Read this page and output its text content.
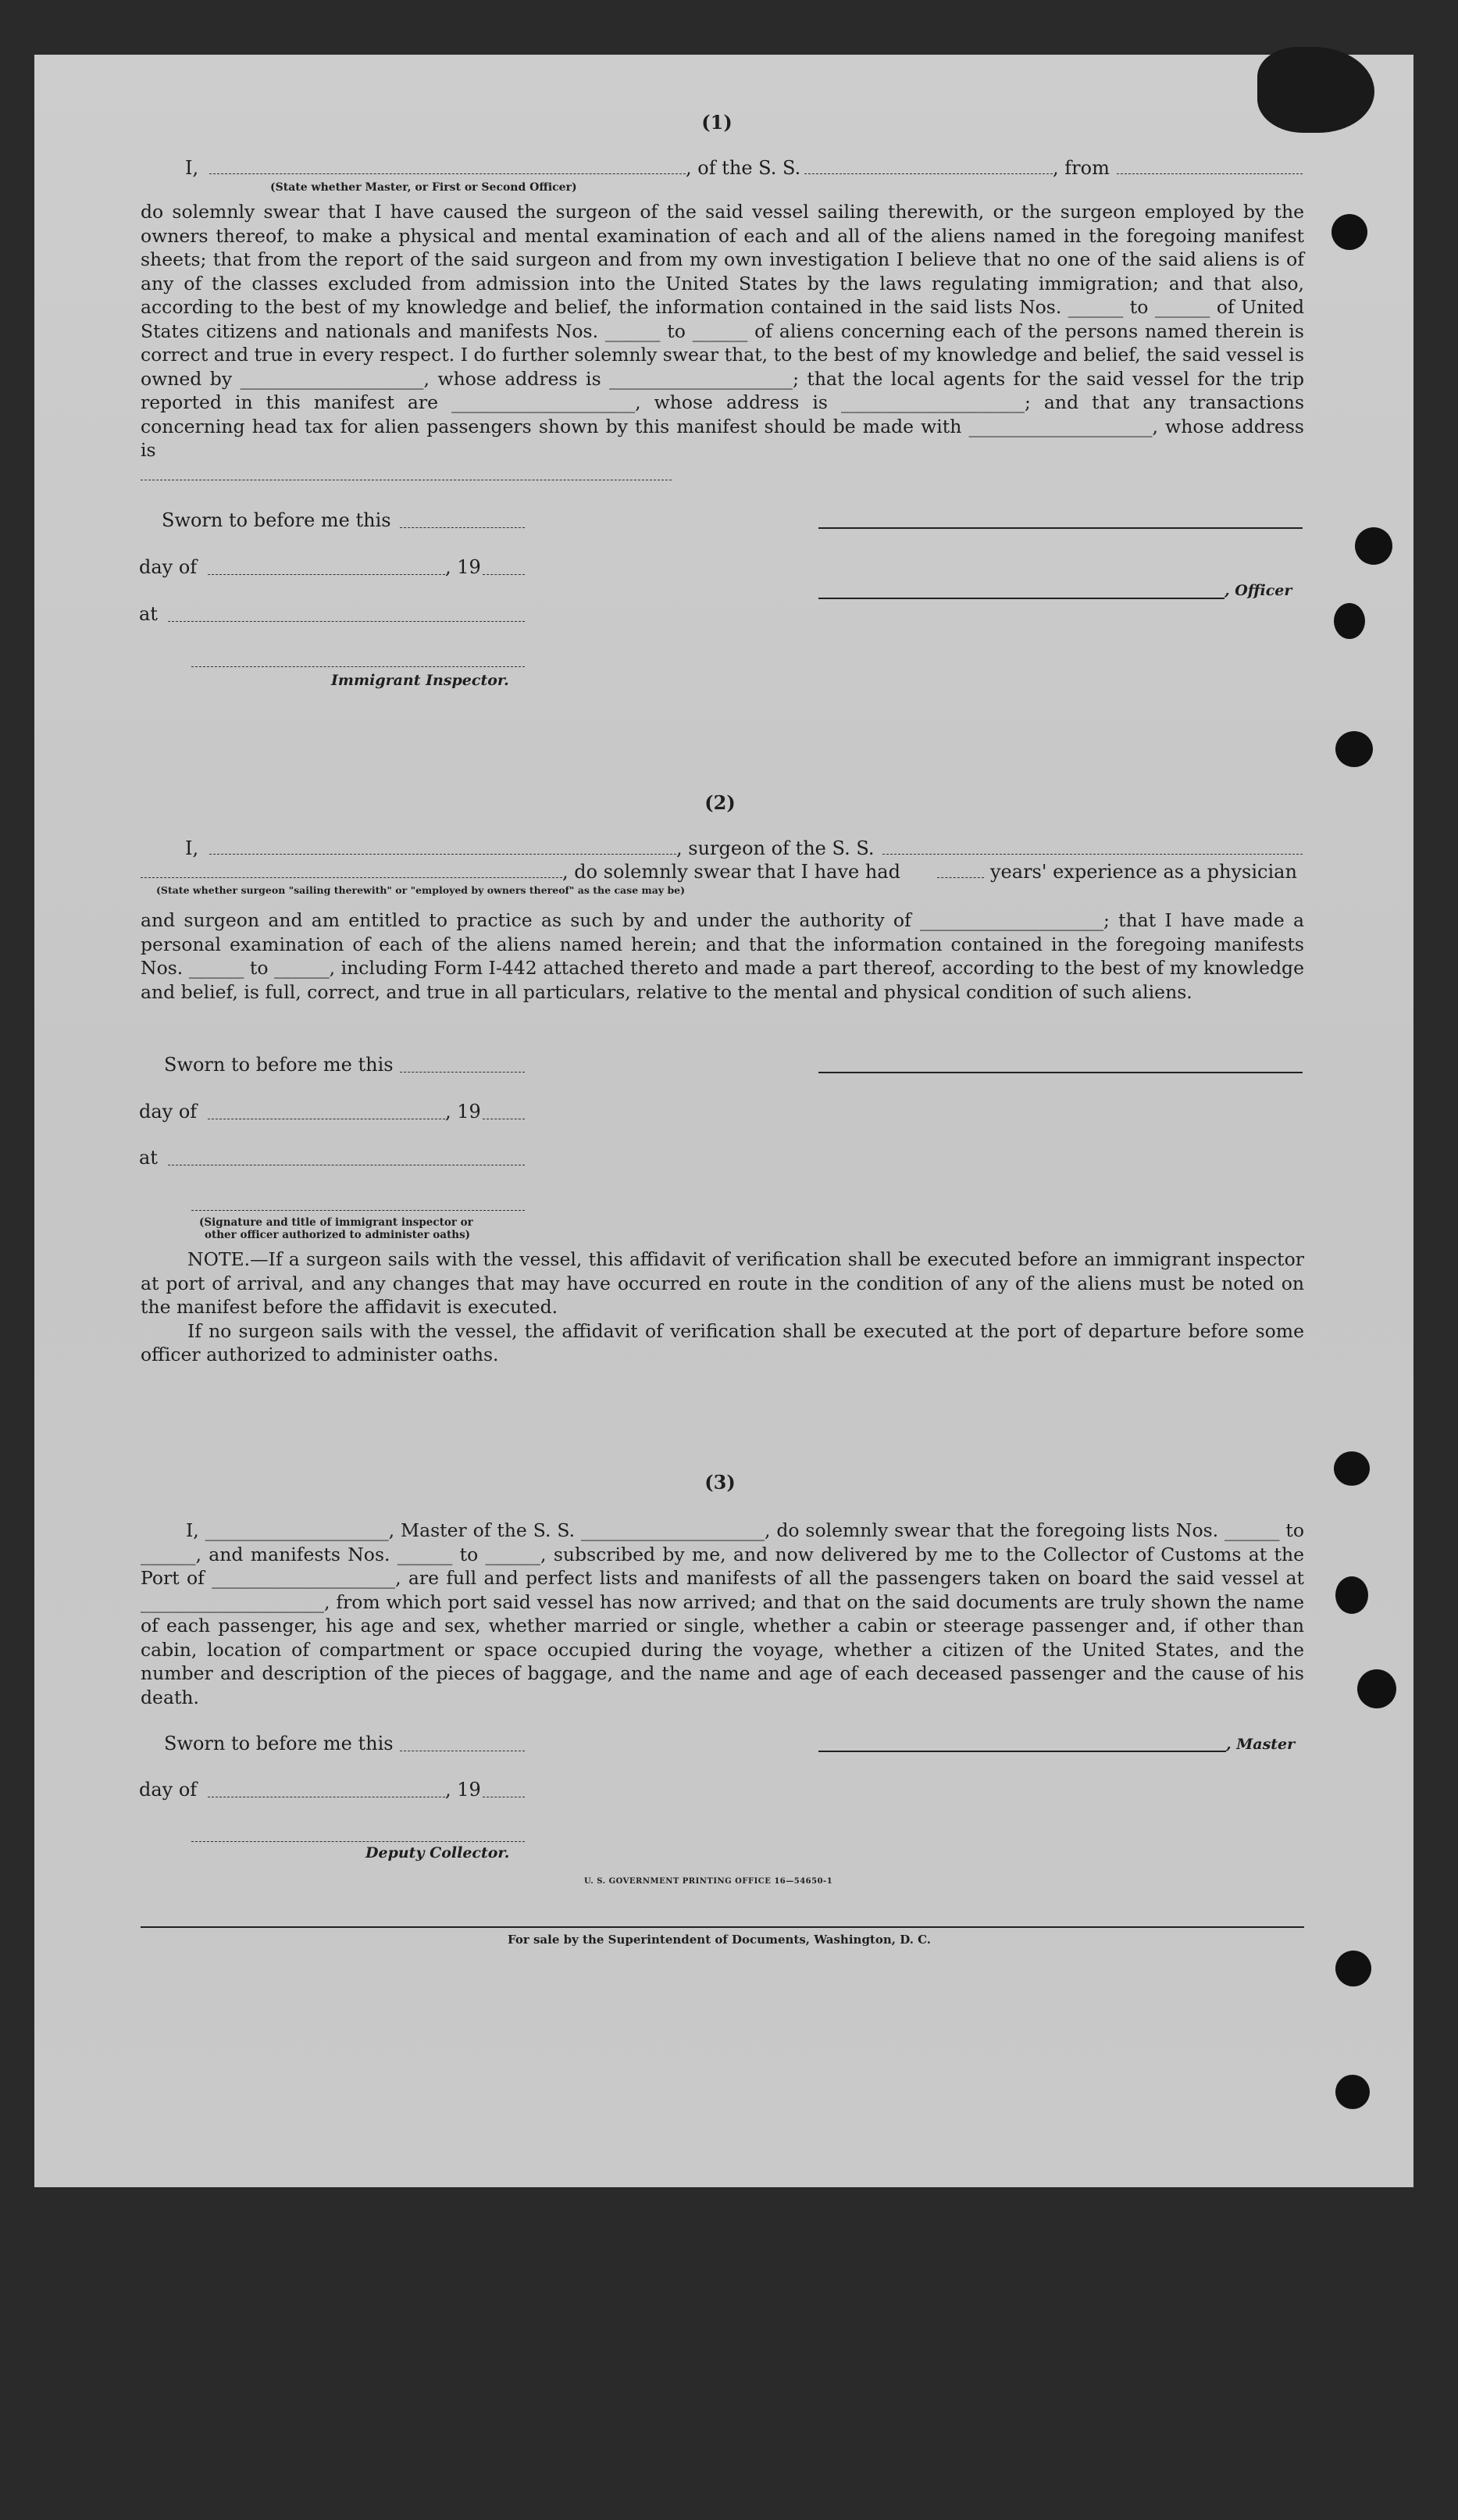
(1)
I,	, of the S. S.	, from
(State whether Master, or First or Second Officer)

do solemnly swear that I have caused the surgeon of the said vessel sailing therewith, or the surgeon employed by the owners thereof, to make a physical and mental examination of each and all of the aliens named in the foregoing manifest sheets; that from the report of the said surgeon and from my own investigation I believe that no one of the said aliens is of any of the classes excluded from admission into the United States by the laws regulating immigration; and that also, according to the best of my knowledge and belief, the information contained in the said lists Nos. ______ to ______ of United States citizens and nationals and manifests Nos. ______ to ______ of aliens concerning each of the persons named therein is correct and true in every respect. I do further solemnly swear that, to the best of my knowledge and belief, the said vessel is owned by ____________________, whose address is ____________________; that the local agents for the said vessel for the trip reported in this manifest are ____________________, whose address is ____________________; and that any transactions concerning head tax for alien passengers shown by this manifest should be made with ____________________, whose address is

Sworn to before me this
day of	, 19
, Officer
at
Immigrant Inspector.
(2)
I,	, surgeon of the S. S.
, do solemnly swear that I have had	years' experience as a physician
(State whether surgeon "sailing therewith" or "employed by owners thereof" as the case may be)

and surgeon and am entitled to practice as such by and under the authority of ____________________; that I have made a personal examination of each of the aliens named herein; and that the information contained in the foregoing manifests Nos. ______ to ______, including Form I-442 attached thereto and made a part thereof, according to the best of my knowledge and belief, is full, correct, and true in all particulars, relative to the mental and physical condition of such aliens.

Sworn to before me this
day of	, 19
at
(Signature and title of immigrant inspector or
other officer authorized to administer oaths)

NOTE.—If a surgeon sails with the vessel, this affidavit of verification shall be executed before an immigrant inspector at port of arrival, and any changes that may have occurred en route in the condition of any of the aliens must be noted on the manifest before the affidavit is executed.

If no surgeon sails with the vessel, the affidavit of verification shall be executed at the port of departure before some officer authorized to administer oaths.

(3)

I, ____________________, Master of the S. S. ____________________, do solemnly swear that the foregoing lists Nos. ______ to ______, and manifests Nos. ______ to ______, subscribed by me, and now delivered by me to the Collector of Customs at the Port of ____________________, are full and perfect lists and manifests of all the passengers taken on board the said vessel at ____________________, from which port said vessel has now arrived; and that on the said documents are truly shown the name of each passenger, his age and sex, whether married or single, whether a cabin or steerage passenger and, if other than cabin, location of compartment or space occupied during the voyage, whether a citizen of the United States, and the number and description of the pieces of baggage, and the name and age of each deceased passenger and the cause of his death.

Sworn to before me this	, Master
day of	, 19
Deputy Collector.
U. S. GOVERNMENT PRINTING OFFICE 16—54650-1
For sale by the Superintendent of Documents, Washington, D. C.
